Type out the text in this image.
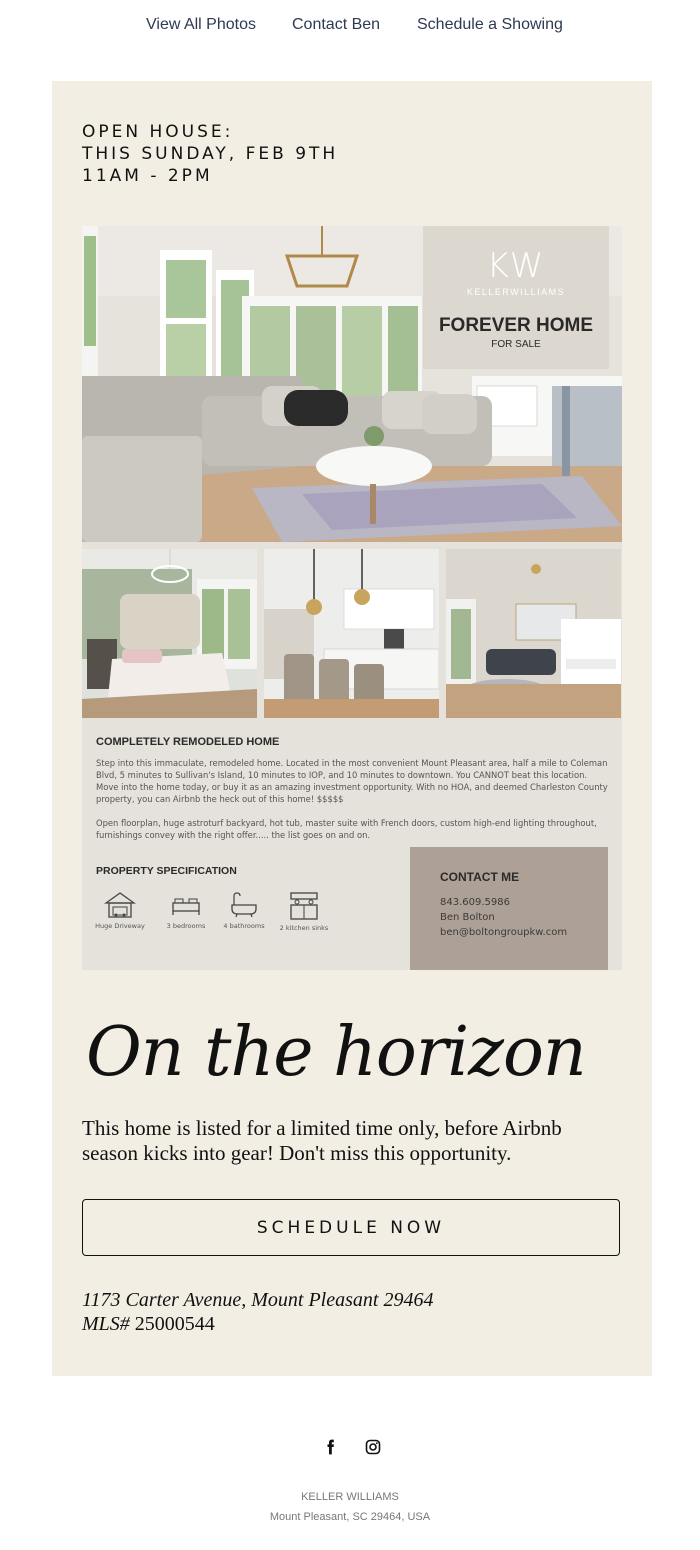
View All Photos Contact Ben Schedule a Showing
OPEN HOUSE:
THIS SUNDAY, FEB 9TH
11AM - 2PM
KW
KELLERWILLIAMS
FOREVER HOME
FOR SALE
COMPLETELY REMODELED HOME
Step into this immaculate, remodeled home. Located in the most convenient Mount Pleasant area, half a mile to Coleman Blvd, 5 minutes to Sullivan's Island, 10 minutes to IOP, and 10 minutes to downtown. You CANNOT beat this location. Move into the home today, or buy it as an amazing investment opportunity. With no HOA, and deemed Charleston County property, you can Airbnb the heck out of this home! $$$$$
Open floorplan, huge astroturf backyard, hot tub, master suite with French doors, custom high-end lighting throughout, furnishings convey with the right offer..... the list goes on and on.
PROPERTY SPECIFICATION
Huge Driveway	3 bedrooms	4 bathrooms	2 kitchen sinks
CONTACT ME
843.609.5986
Ben Bolton
ben@boltongroupkw.com
On the horizon
This home is listed for a limited time only, before Airbnb season kicks into gear! Don't miss this opportunity.
SCHEDULE NOW
1173 Carter Avenue, Mount Pleasant 29464
MLS# 25000544
KELLER WILLIAMS
Mount Pleasant, SC 29464, USA
